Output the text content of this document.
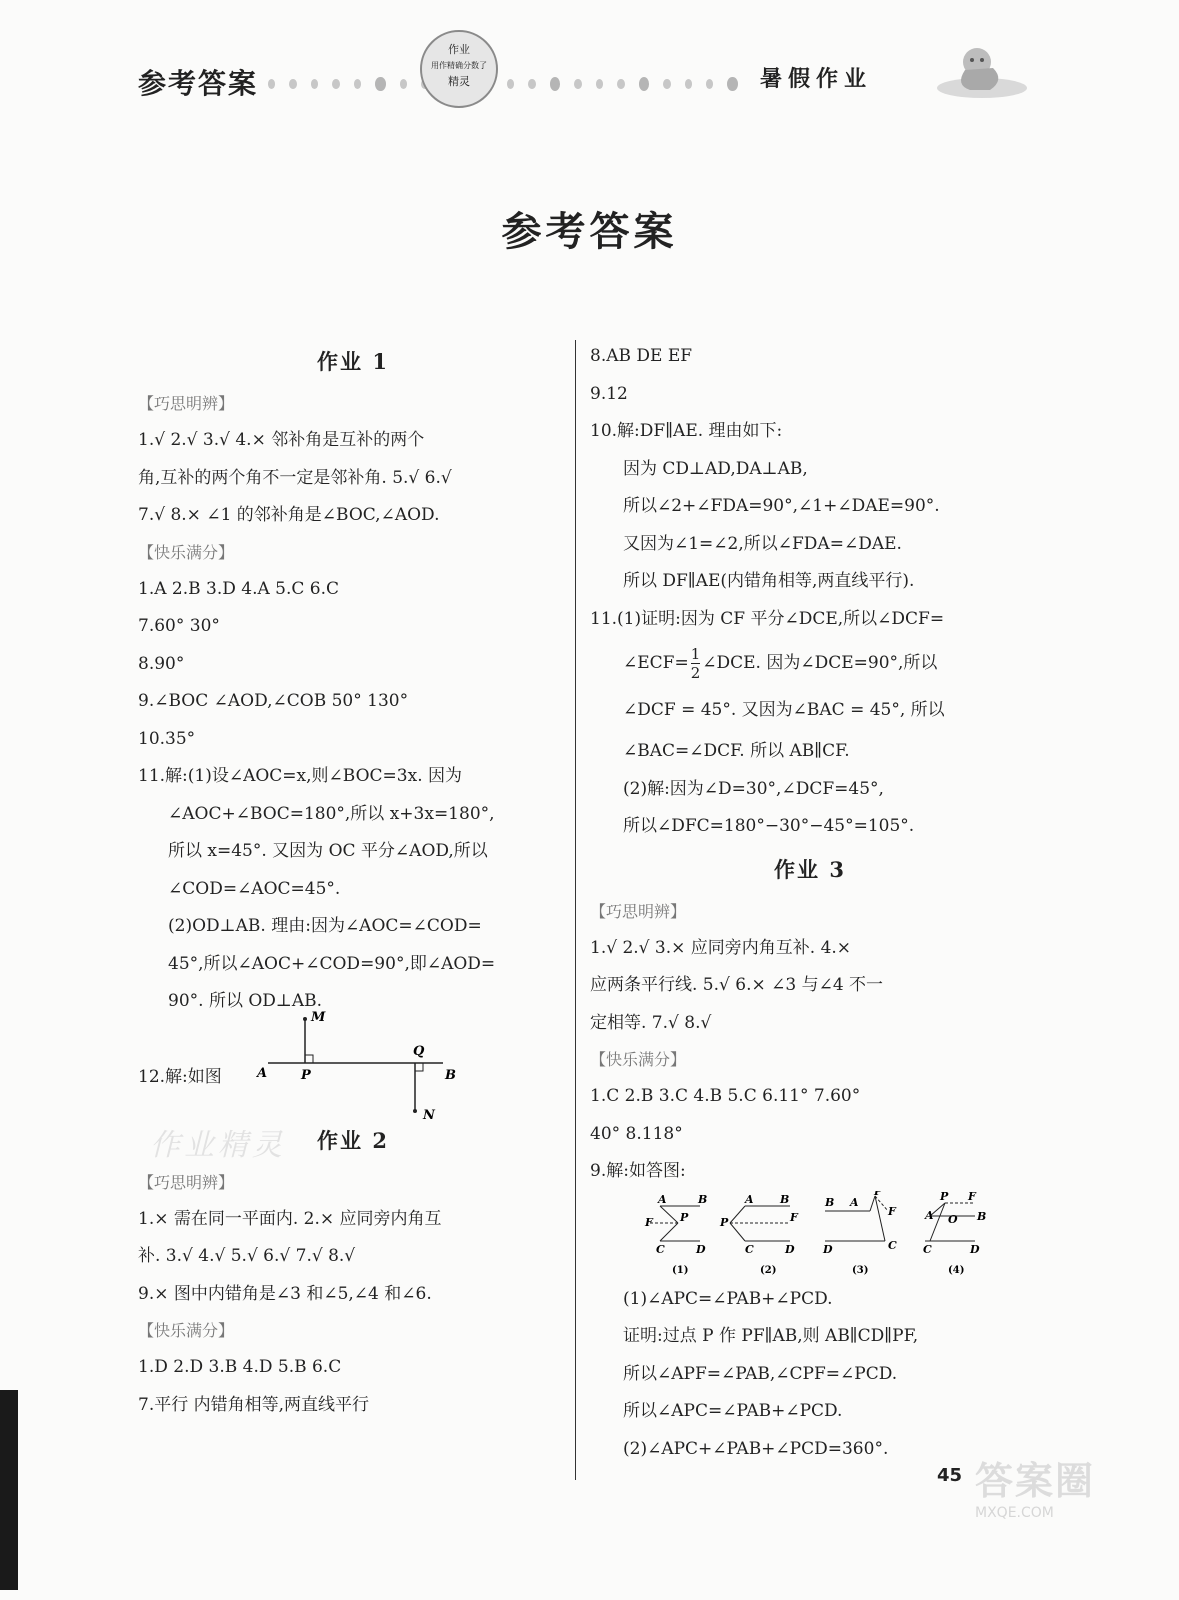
参考答案
作业
用作精确分数了
精灵	暑假作业
参考答案
作业 1
【巧思明辨】
1.√ 2.√ 3.√ 4.× 邻补角是互补的两个
角,互补的两个角不一定是邻补角. 5.√ 6.√
7.√ 8.× ∠1 的邻补角是∠BOC,∠AOD.
【快乐满分】
1.A 2.B 3.D 4.A 5.C 6.C
7.60° 30°
8.90°
9.∠BOC ∠AOD,∠COB 50° 130°
10.35°
11.解:(1)设∠AOC=x,则∠BOC=3x. 因为
∠AOC+∠BOC=180°,所以 x+3x=180°,
所以 x=45°. 又因为 OC 平分∠AOD,所以
∠COD=∠AOC=45°.
(2)OD⊥AB. 理由:因为∠AOC=∠COD=
45°,所以∠AOC+∠COD=90°,即∠AOD=
90°. 所以 OD⊥AB.
12.解:如图	A	P
M
Q
B
N
作业 2
【巧思明辨】
1.× 需在同一平面内. 2.× 应同旁内角互
补. 3.√ 4.√ 5.√ 6.√ 7.√ 8.√
9.× 图中内错角是∠3 和∠5,∠4 和∠6.
【快乐满分】
1.D 2.D 3.B 4.D 5.B 6.C
7.平行 内错角相等,两直线平行
作业精灵
8.AB DE EF
9.12
10.解:DF∥AE. 理由如下:
因为 CD⊥AD,DA⊥AB,
所以∠2+∠FDA=90°,∠1+∠DAE=90°.
又因为∠1=∠2,所以∠FDA=∠DAE.
所以 DF∥AE(内错角相等,两直线平行).
11.(1)证明:因为 CF 平分∠DCE,所以∠DCF=
∠ECF= $\frac{1}{2}$ ∠DCE. 因为∠DCE=90°,所以
∠DCF = 45°. 又因为∠BAC = 45°, 所以
∠BAC=∠DCF. 所以 AB∥CF.
(2)解:因为∠D=30°,∠DCF=45°,
所以∠DFC=180°−30°−45°=105°.
作业 3
【巧思明辨】
1.√ 2.√ 3.× 应同旁内角互补. 4.×
应两条平行线. 5.√ 6.× ∠3 与∠4 不一
定相等. 7.√ 8.√
【快乐满分】
1.C 2.B 3.C 4.B 5.C 6.11° 7.60°
40° 8.118°
9.解:如答图:
A	B
F P
C	D
(1)
A B
P	F
C	D
(2)
B A
P
F
D	C
(3)
P F
A O B
C	D
(4)
(1)∠APC=∠PAB+∠PCD.
证明:过点 P 作 PF∥AB,则 AB∥CD∥PF,
所以∠APF=∠PAB,∠CPF=∠PCD.
所以∠APC=∠PAB+∠PCD.
(2)∠APC+∠PAB+∠PCD=360°.
45 答案圈
MXQE.COM
